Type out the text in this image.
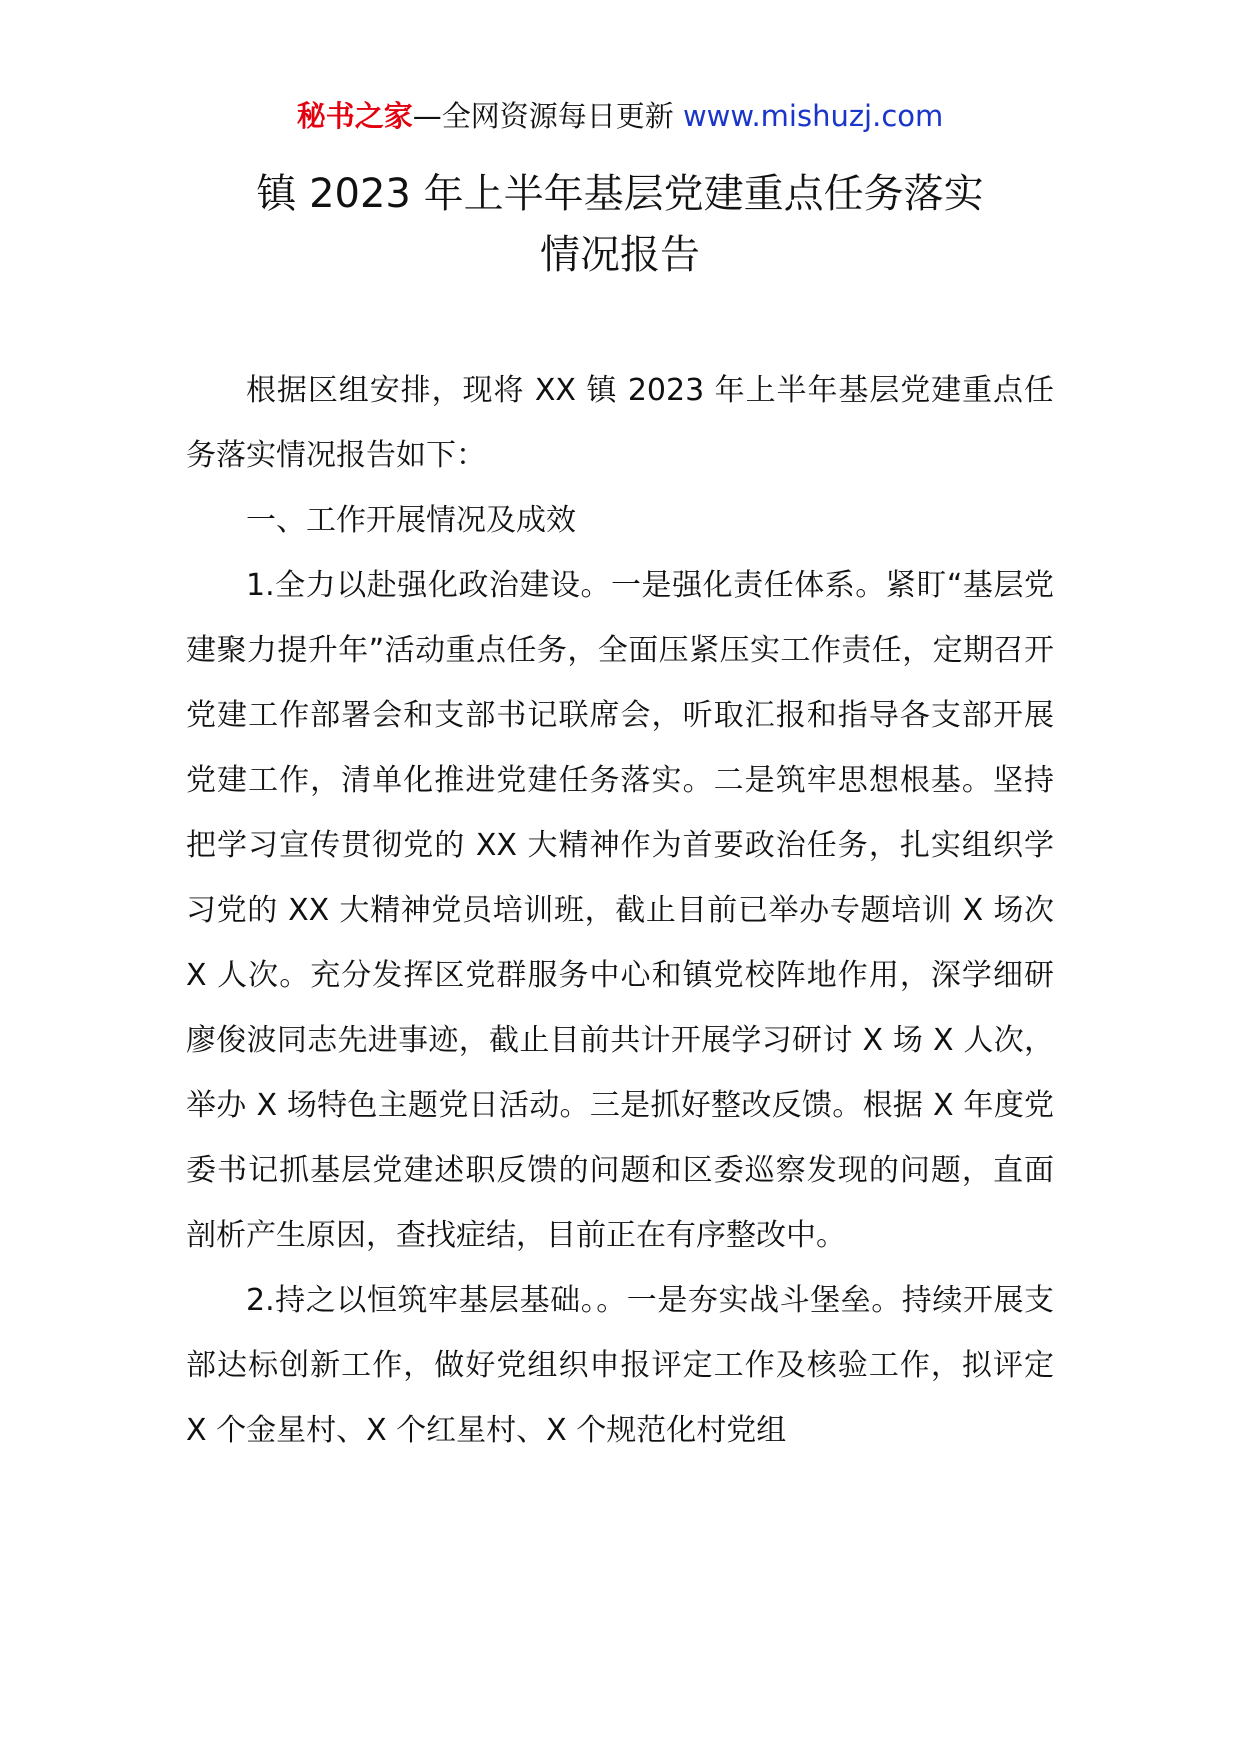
秘书之家—全网资源每日更新 www.mishuzj.com
镇 2023 年上半年基层党建重点任务落实
情况报告

根据区组安排，现将 XX 镇 2023 年上半年基层党建重点任务落实情况报告如下：

一、工作开展情况及成效

1.全力以赴强化政治建设。一是强化责任体系。紧盯“基层党建聚力提升年”活动重点任务，全面压紧压实工作责任，定期召开党建工作部署会和支部书记联席会，听取汇报和指导各支部开展党建工作，清单化推进党建任务落实。二是筑牢思想根基。坚持把学习宣传贯彻党的 XX 大精神作为首要政治任务，扎实组织学习党的 XX 大精神党员培训班，截止目前已举办专题培训 X 场次 X 人次。充分发挥区党群服务中心和镇党校阵地作用，深学细研廖俊波同志先进事迹，截止目前共计开展学习研讨 X 场 X 人次，举办 X 场特色主题党日活动。三是抓好整改反馈。根据 X 年度党委书记抓基层党建述职反馈的问题和区委巡察发现的问题，直面剖析产生原因，查找症结，目前正在有序整改中。

2.持之以恒筑牢基层基础。。一是夯实战斗堡垒。持续开展支部达标创新工作，做好党组织申报评定工作及核验工作，拟评定 X 个金星村、X 个红星村、X 个规范化村党组
